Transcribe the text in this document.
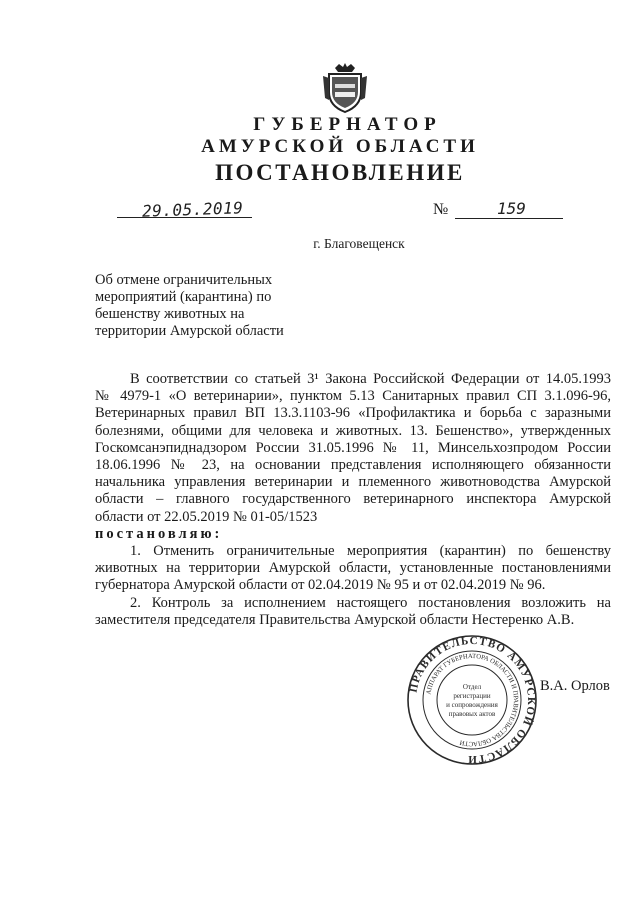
ГУБЕРНАТОР
АМУРСКОЙ ОБЛАСТИ
ПОСТАНОВЛЕНИЕ
29.05.2019	№	159
г. Благовещенск
Об отмене ограничительных
мероприятий (карантина) по
бешенству животных на
территории Амурской области
В соответствии со статьей 3¹ Закона Российской Федерации от 14.05.1993
№ 4979-1 «О ветеринарии», пунктом 5.13 Санитарных правил СП 3.1.096-96,
Ветеринарных правил ВП 13.3.1103-96 «Профилактика и борьба с заразными
болезнями, общими для человека и животных. 13. Бешенство», утвержденных
Госкомсанэпиднадзором России 31.05.1996 № 11, Минсельхозпродом России
18.06.1996 № 23, на основании представления исполняющего обязанности
начальника управления ветеринарии и племенного животноводства Амурской
области – главного государственного ветеринарного инспектора Амурской
области от 22.05.2019 № 01-05/1523
постановляю:
1. Отменить ограничительные мероприятия (карантин) по бешенству
животных на территории Амурской области, установленные постановлениями
губернатора Амурской области от 02.04.2019 № 95 и от 02.04.2019 № 96.
2. Контроль за исполнением настоящего постановления возложить на
заместителя председателя Правительства Амурской области Нестеренко А.В.
ПРАВИТЕЛЬСТВО АМУРСКОЙ ОБЛАСТИ
АППАРАТ ГУБЕРНАТОРА ОБЛАСТИ И ПРАВИТЕЛЬСТВА ОБЛАСТИ
Отдел
регистрации
и сопровождения
правовых актов
В.А. Орлов
